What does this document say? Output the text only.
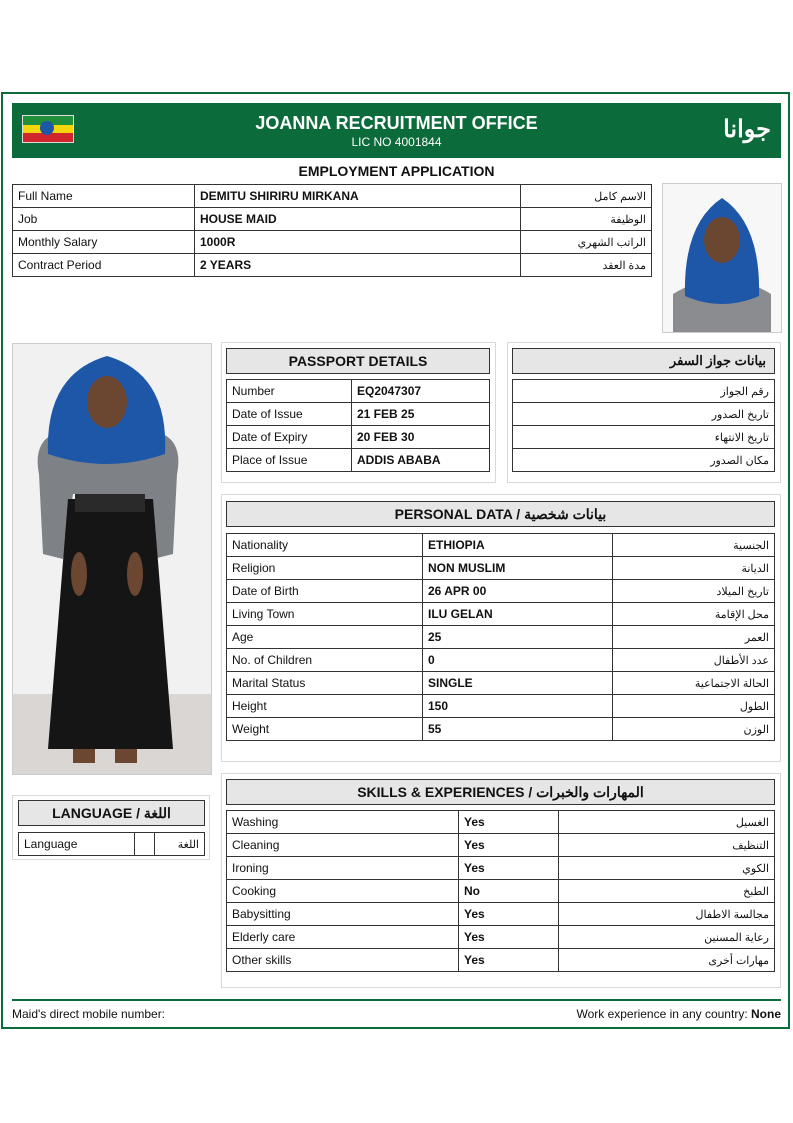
JOANNA RECRUITMENT OFFICE
LIC NO 4001844	جوانا
EMPLOYMENT APPLICATION
Full Name	DEMITU SHIRIRU MIRKANA	الاسم كامل
Job	HOUSE MAID	الوظيفة
Monthly Salary	1000R	الراتب الشهري
Contract Period	2 YEARS	مدة العقد
PASSPORT DETAILS
Number	EQ2047307
Date of Issue	21 FEB 25
Date of Expiry	20 FEB 30
Place of Issue	ADDIS ABABA
بيانات جواز السفر
رقم الجواز
تاريخ الصدور
تاريخ الانتهاء
مكان الصدور
PERSONAL DATA / بيانات شخصية
Nationality	ETHIOPIA	الجنسية
Religion	NON MUSLIM	الديانة
Date of Birth	26 APR 00	تاريخ الميلاد
Living Town	ILU GELAN	محل الإقامة
Age	25	العمر
No. of Children	0	عدد الأطفال
Marital Status	SINGLE	الحالة الاجتماعية
Height	150	الطول
Weight	55	الوزن
LANGUAGE / اللغة
Language		اللغة
SKILLS & EXPERIENCES / المهارات والخبرات
Washing	Yes	الغسيل
Cleaning	Yes	التنظيف
Ironing	Yes	الكوي
Cooking	No	الطبخ
Babysitting	Yes	مجالسة الاطفال
Elderly care	Yes	رعاية المسنين
Other skills	Yes	مهارات أخرى
Maid's direct mobile number:	Work experience in any country: None
